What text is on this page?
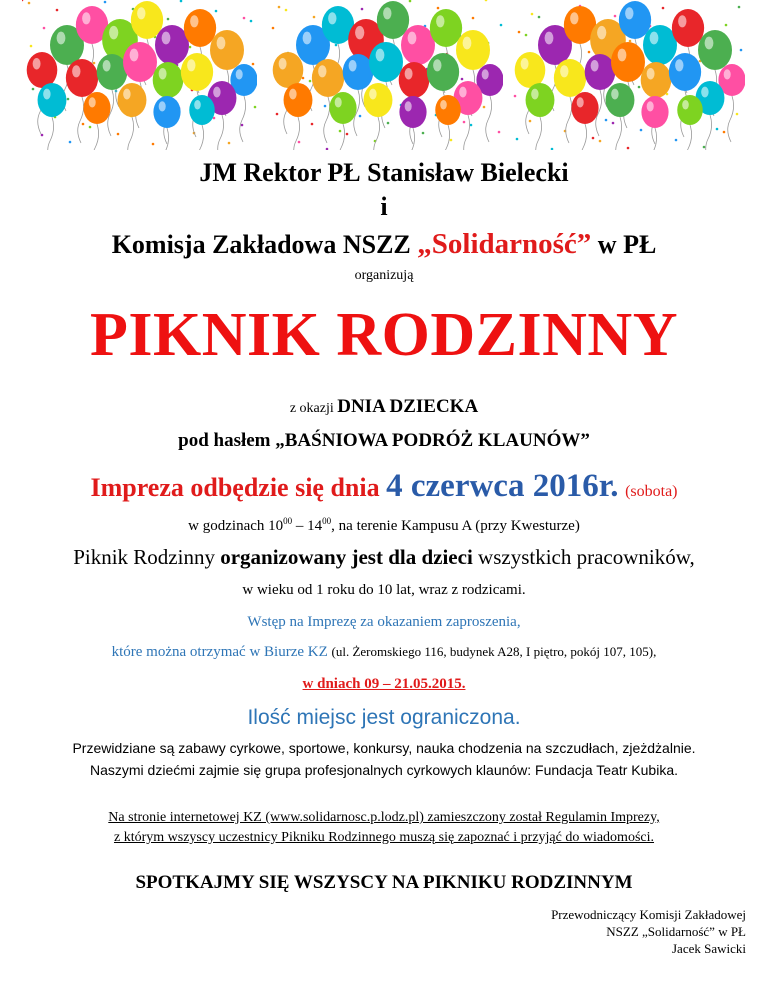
JM Rektor PŁ Stanisław Bielecki
i
Komisja Zakładowa NSZZ „Solidarność” w PŁ
organizują
PIKNIK RODZINNY
z okazji DNIA DZIECKA
pod hasłem „BAŚNIOWA PODRÓŻ KLAUNÓW”
Impreza odbędzie się dnia 4 czerwca 2016r. (sobota)
w godzinach $10^{00} - 14^{00}$, na terenie Kampusu A (przy Kwesturze)
Piknik Rodzinny organizowany jest dla dzieci wszystkich pracowników,
w wieku od 1 roku do 10 lat, wraz z rodzicami.
Wstęp na Imprezę za okazaniem zaproszenia,
które można otrzymać w Biurze KZ (ul. Żeromskiego 116, budynek A28, I piętro, pokój 107, 105),
w dniach 09 – 21.05.2015.
Ilość miejsc jest ograniczona.
Przewidziane są zabawy cyrkowe, sportowe, konkursy, nauka chodzenia na szczudłach, zjeżdżalnie.
Naszymi dziećmi zajmie się grupa profesjonalnych cyrkowych klaunów: Fundacja Teatr Kubika.
Na stronie internetowej KZ (www.solidarnosc.p.lodz.pl) zamieszczony został Regulamin Imprezy,
z którym wszyscy uczestnicy Pikniku Rodzinnego muszą się zapoznać i przyjąć do wiadomości.
SPOTKAJMY SIĘ WSZYSCY NA PIKNIKU RODZINNYM
Przewodniczący Komisji Zakładowej
NSZZ „Solidarność” w PŁ
Jacek Sawicki
